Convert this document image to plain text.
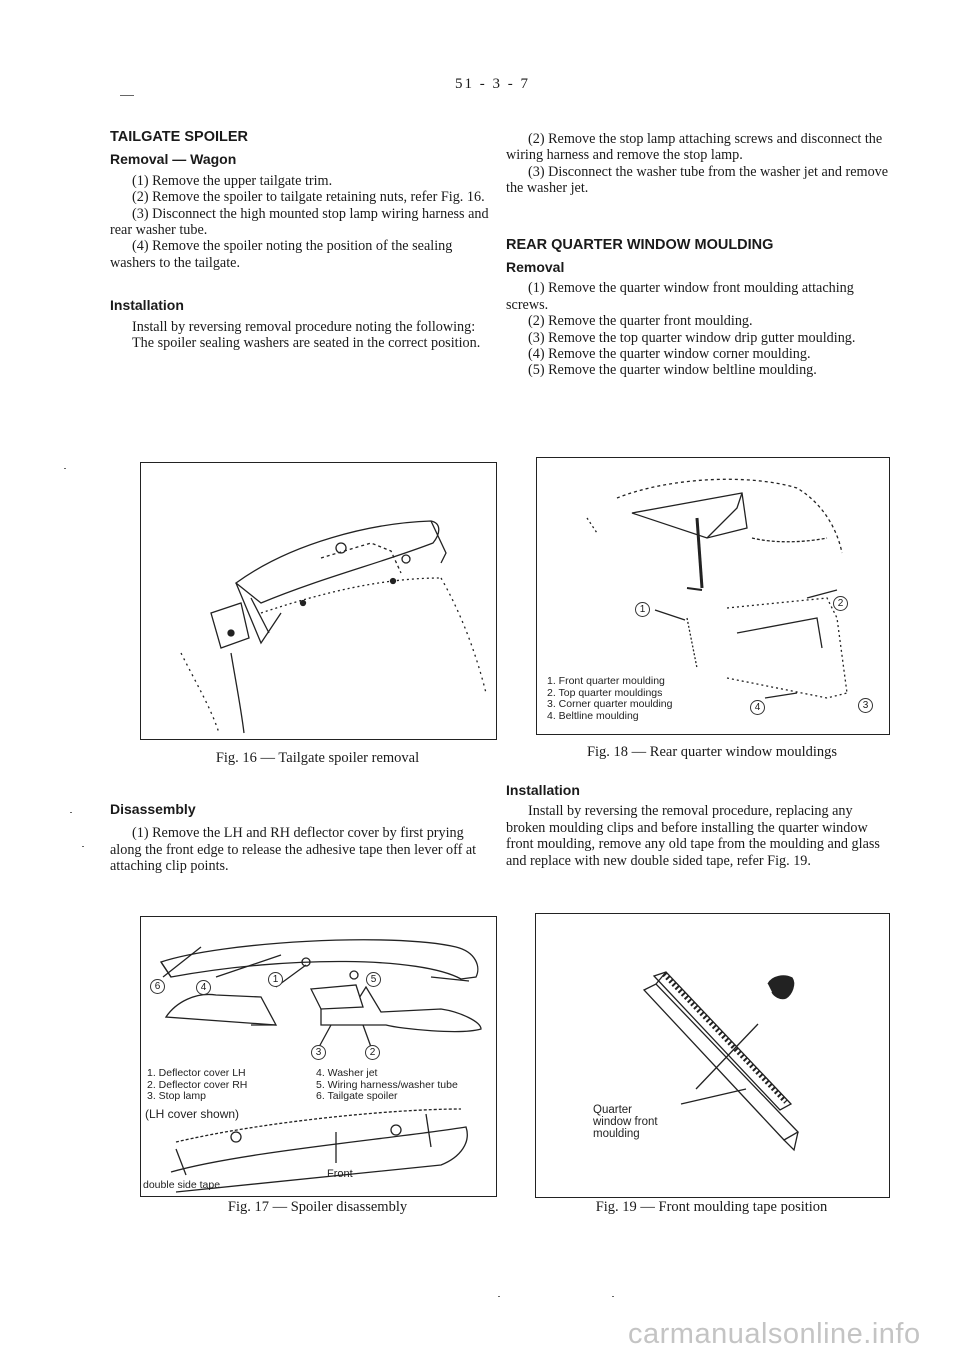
51 - 3 - 7
TAILGATE SPOILER
Removal — Wagon

(1) Remove the upper tailgate trim.

(2) Remove the spoiler to tailgate retaining nuts, refer Fig. 16.

(3) Disconnect the high mounted stop lamp wiring harness and rear washer tube.

(4) Remove the spoiler noting the position of the sealing washers to the tailgate.

Installation

Install by reversing removal procedure noting the following:

The spoiler sealing washers are seated in the correct position.

Fig. 16 — Tailgate spoiler removal
Disassembly

(1) Remove the LH and RH deflector cover by first prying along the front edge to release the adhesive tape then lever off at attaching clip points.

6	4
1	5
3	2
1. Deflector cover LH
2. Deflector cover RH
3. Stop lamp
4. Washer jet
5. Wiring harness/washer tube
6. Tailgate spoiler
(LH cover shown)
double side tape
Front
Fig. 17 — Spoiler disassembly

(2) Remove the stop lamp attaching screws and disconnect the wiring harness and remove the stop lamp.

(3) Disconnect the washer tube from the washer jet and remove the washer jet.

REAR QUARTER WINDOW MOULDING
Removal

(1) Remove the quarter window front moulding attaching screws.

(2) Remove the quarter front moulding.

(3) Remove the top quarter window drip gutter moulding.

(4) Remove the quarter window corner moulding.

(5) Remove the quarter window beltline moulding.

1
2
3
4
1. Front quarter moulding
2. Top quarter mouldings
3. Corner quarter moulding
4. Beltline moulding
Fig. 18 — Rear quarter window mouldings
Installation

Install by reversing the removal procedure, replacing any broken moulding clips and before installing the quarter window front moulding, remove any old tape from the moulding and glass and replace with new double sided tape, refer Fig. 19.

Quarter
window front
moulding
Fig. 19 — Front moulding tape position
carmanualsonline.info
